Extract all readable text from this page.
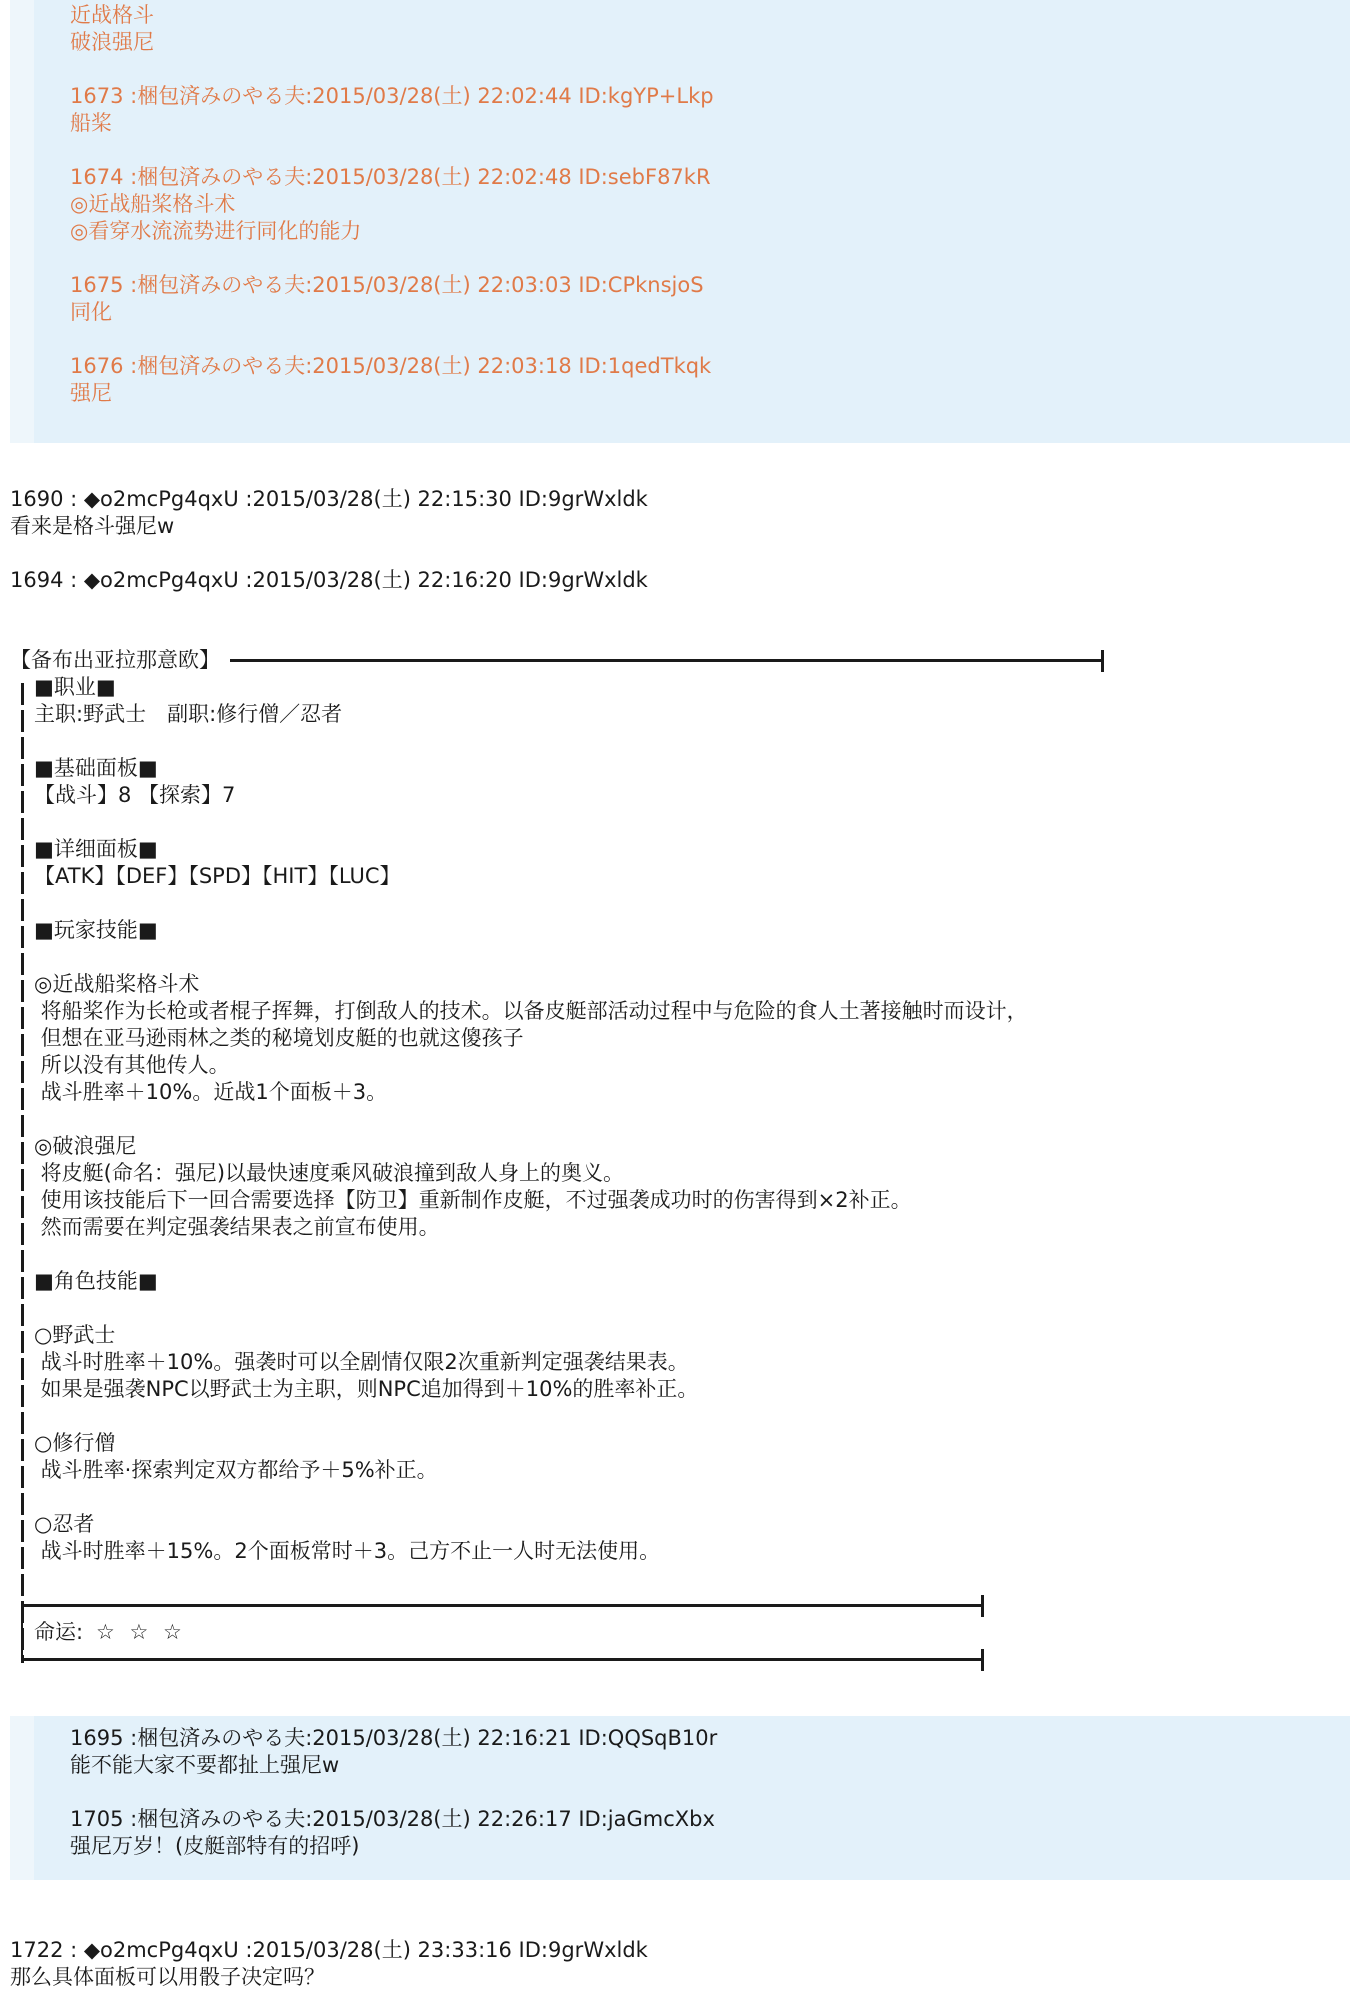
近战格斗
破浪强尼
1673 :梱包済みのやる夫:2015/03/28(土) 22:02:44 ID:kgYP+Lkp
船桨
1674 :梱包済みのやる夫:2015/03/28(土) 22:02:48 ID:sebF87kR
◎近战船桨格斗术
◎看穿水流流势进行同化的能力
1675 :梱包済みのやる夫:2015/03/28(土) 22:03:03 ID:CPknsjoS
同化
1676 :梱包済みのやる夫:2015/03/28(土) 22:03:18 ID:1qedTkqk
强尼
1690 : ◆o2mcPg4qxU :2015/03/28(土) 22:15:30 ID:9grWxldk
看来是格斗强尼w
1694 : ◆o2mcPg4qxU :2015/03/28(土) 22:16:20 ID:9grWxldk
【备布出亚拉那意欧】
■职业■
主职:野武士　副职:修行僧／忍者
■基础面板■
【战斗】8 【探索】7
■详细面板■
【ATK】【DEF】【SPD】【HIT】【LUC】
■玩家技能■
◎近战船桨格斗术
将船桨作为长枪或者棍子挥舞，打倒敌人的技术。以备皮艇部活动过程中与危险的食人土著接触时而设计，
但想在亚马逊雨林之类的秘境划皮艇的也就这傻孩子
所以没有其他传人。
战斗胜率＋10%。近战1个面板＋3。
◎破浪强尼
将皮艇(命名：强尼)以最快速度乘风破浪撞到敌人身上的奥义。
使用该技能后下一回合需要选择【防卫】重新制作皮艇，不过强袭成功时的伤害得到×2补正。
然而需要在判定强袭结果表之前宣布使用。
■角色技能■
○野武士
战斗时胜率＋10%。强袭时可以全剧情仅限2次重新判定强袭结果表。
如果是强袭NPC以野武士为主职，则NPC追加得到＋10%的胜率补正。
○修行僧
战斗胜率·探索判定双方都给予＋5%补正。
○忍者
战斗时胜率＋15%。2个面板常时＋3。己方不止一人时无法使用。
命运: ☆ ☆ ☆
1695 :梱包済みのやる夫:2015/03/28(土) 22:16:21 ID:QQSqB10r
能不能大家不要都扯上强尼w
1705 :梱包済みのやる夫:2015/03/28(土) 22:26:17 ID:jaGmcXbx
强尼万岁！(皮艇部特有的招呼)
1722 : ◆o2mcPg4qxU :2015/03/28(土) 23:33:16 ID:9grWxldk
那么具体面板可以用骰子决定吗？
